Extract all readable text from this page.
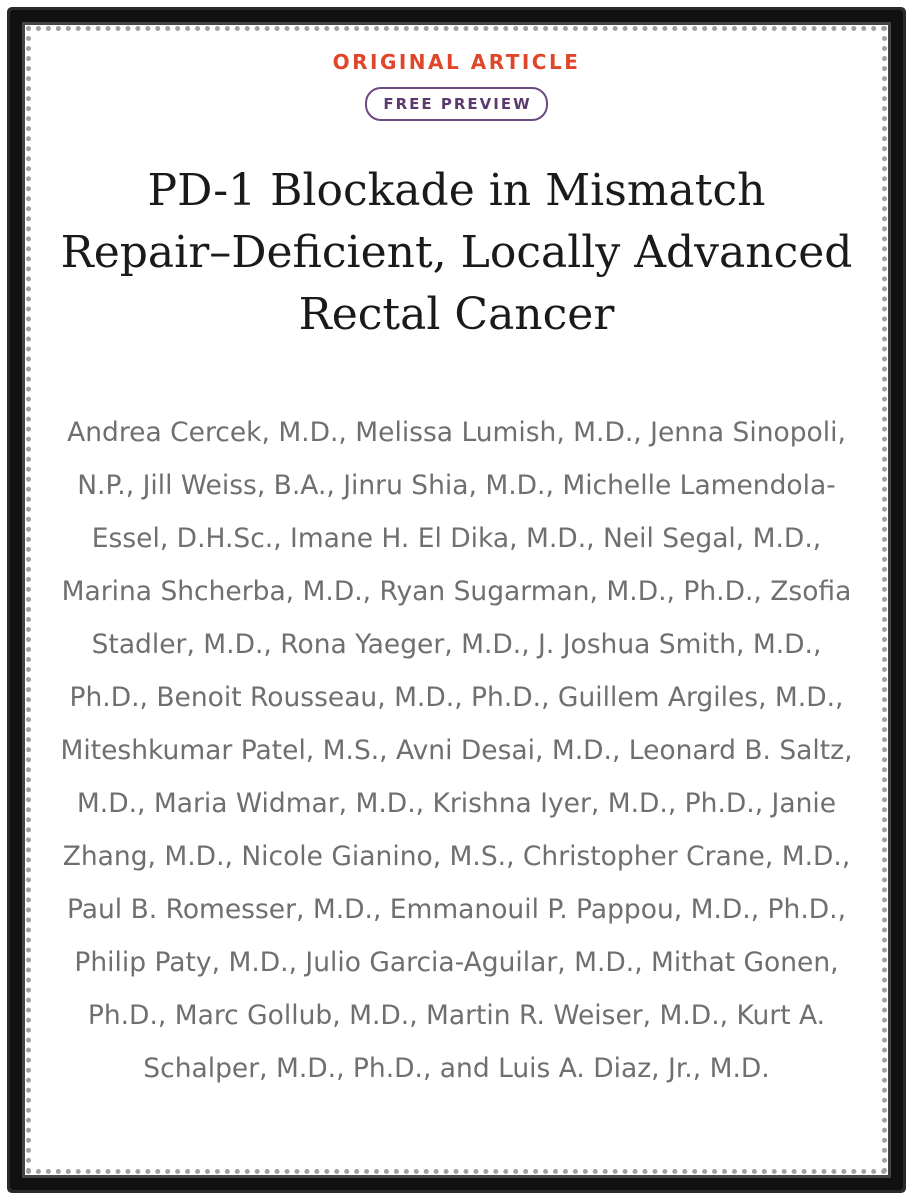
ORIGINAL ARTICLE
FREE PREVIEW
PD-1 Blockade in Mismatch Repair–Deficient, Locally Advanced Rectal Cancer

Andrea Cercek, M.D., Melissa Lumish, M.D., Jenna Sinopoli, N.P., Jill Weiss, B.A., Jinru Shia, M.D., Michelle Lamendola-Essel, D.H.Sc., Imane H. El Dika, M.D., Neil Segal, M.D., Marina Shcherba, M.D., Ryan Sugarman, M.D., Ph.D., Zsofia Stadler, M.D., Rona Yaeger, M.D., J. Joshua Smith, M.D., Ph.D., Benoit Rousseau, M.D., Ph.D., Guillem Argiles, M.D., Miteshkumar Patel, M.S., Avni Desai, M.D., Leonard B. Saltz, M.D., Maria Widmar, M.D., Krishna Iyer, M.D., Ph.D., Janie Zhang, M.D., Nicole Gianino, M.S., Christopher Crane, M.D., Paul B. Romesser, M.D., Emmanouil P. Pappou, M.D., Ph.D., Philip Paty, M.D., Julio Garcia-Aguilar, M.D., Mithat Gonen, Ph.D., Marc Gollub, M.D., Martin R. Weiser, M.D., Kurt A. Schalper, M.D., Ph.D., and Luis A. Diaz, Jr., M.D.
